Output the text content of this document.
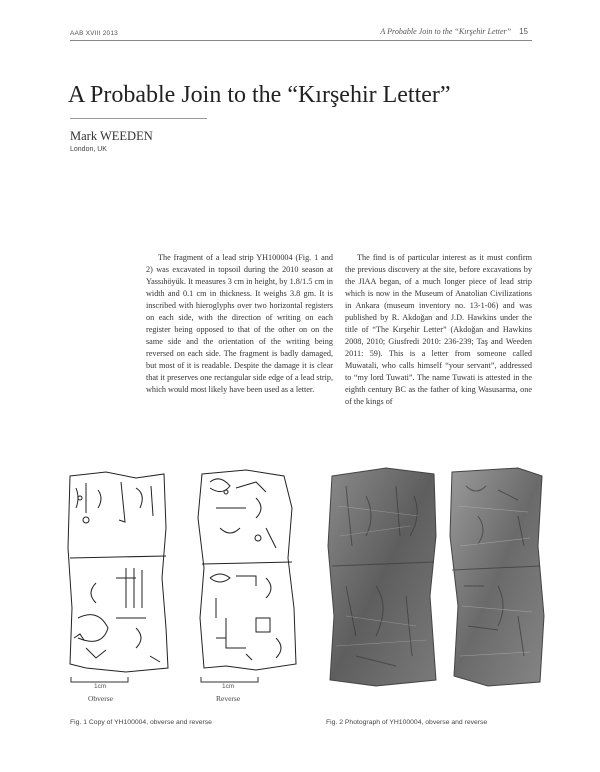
AAB XVIII 2013	A Probable Join to the “Kırşehir Letter” 15
A Probable Join to the “Kırşehir Letter”
Mark WEEDEN
London, UK

The fragment of a lead strip YH100004 (Fig. 1 and 2) was excavated in topsoil during the 2010 season at Yassıhöyük. It measures 3 cm in height, by 1.8/1.5 cm in width and 0.1 cm in thickness. It weighs 3.8 gm. It is inscribed with hieroglyphs over two horizontal registers on each side, with the direction of writing on each register being opposed to that of the other on on the same side and the orientation of the writing being reversed on each side. The fragment is badly damaged, but most of it is readable. Despite the damage it is clear that it preserves one rectangular side edge of a lead strip, which would most likely have been used as a letter.

The find is of particular interest as it must confirm the previous discovery at the site, before excavations by the JIAA began, of a much longer piece of lead strip which is now in the Museum of Anatolian Civilizations in Ankara (museum inventory no. 13-1-06) and was published by R. Akdoğan and J.D. Hawkins under the title of “The Kırşehir Letter” (Akdoğan and Hawkins 2008, 2010; Giusfredi 2010: 236-239; Taş and Weeden 2011: 59). This is a letter from someone called Muwatali, who calls himself “your servant”, addressed to “my lord Tuwati”. The name Tuwati is attested in the eighth century BC as the father of king Wasusarma, one of the kings of

1cm	1cm
Obverse	Reverse
Fig. 1 Copy of YH100004, obverse and reverse	Fig. 2 Photograph of YH100004, obverse and reverse
